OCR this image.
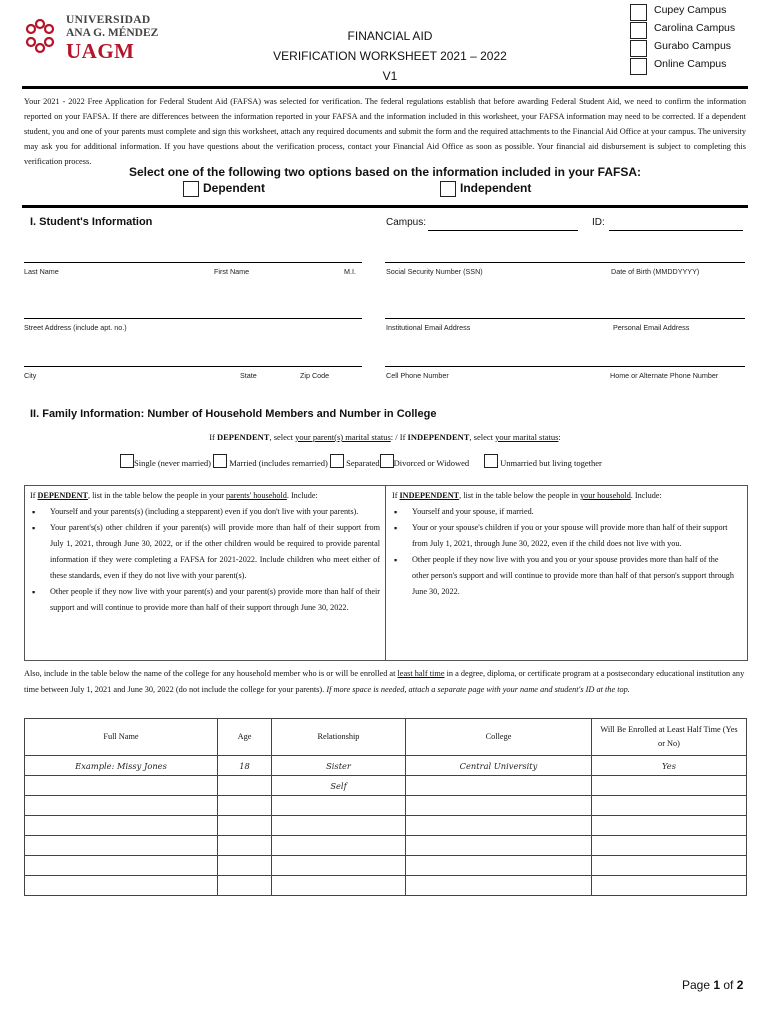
UNIVERSIDAD
ANA G. MÉNDEZ
UAGM
FINANCIAL AID
VERIFICATION WORKSHEET 2021 – 2022
V1
Cupey Campus
Carolina Campus
Gurabo Campus
Online Campus
Your 2021 - 2022 Free Application for Federal Student Aid (FAFSA) was selected for verification. The federal regulations establish that before awarding Federal Student Aid, we need to confirm the information reported on your FAFSA. If there are differences between the information reported in your FAFSA and the information included in this worksheet, your FAFSA information may need to be corrected. If a dependent student, you and one of your parents must complete and sign this worksheet, attach any required documents and submit the form and the required attachments to the Financial Aid Office at your campus. The university may ask you for additional information. If you have questions about the verification process, contact your Financial Aid Office as soon as possible. Your financial aid disbursement is subject to completing this verification process.
Select one of the following two options based on the information included in your FAFSA:
Dependent	Independent
I. Student's Information	Campus:	ID:
Last Name	First Name	M.I.	Social Security Number (SSN)	Date of Birth (MMDDYYYY)
Street Address (include apt. no.)	Institutional Email Address	Personal Email Address
City	State	Zip Code	Cell Phone Number	Home or Alternate Phone Number
II. Family Information: Number of Household Members and Number in College
If DEPENDENT, select your parent(s) marital status: / If INDEPENDENT, select your marital status:
Single (never married) Married (includes remarried) Separated Divorced or Widowed	Unmarried but living together
If DEPENDENT, list in the table below the people in your parents' household. Include:
▪ Yourself and your parents(s) (including a stepparent) even if you don't live with your parents).
▪ Your parent's(s) other children if your parent(s) will provide more than half of their support from July 1, 2021, through June 30, 2022, or if the other children would be required to provide parental information if they were completing a FAFSA for 2021-2022. Include children who meet either of these standards, even if they do not live with your parent(s).
▪ Other people if they now live with your parent(s) and your parent(s) provide more than half of their support and will continue to provide more than half of their support through June 30, 2022.
If INDEPENDENT, list in the table below the people in your household. Include:
▪ Yourself and your spouse, if married.
▪ Your or your spouse's children if you or your spouse will provide more than half of their support from July 1, 2021, through June 30, 2022, even if the child does not live with you.
▪ Other people if they now live with you and you or your spouse provides more than half of the other person's support and will continue to provide more than half of that person's support through June 30, 2022.
Also, include in the table below the name of the college for any household member who is or will be enrolled at least half time in a degree, diploma, or certificate program at a postsecondary educational institution any time between July 1, 2021 and June 30, 2022 (do not include the college for your parents). If more space is needed, attach a separate page with your name and student's ID at the top.
Full Name	Age	Relationship	College	Will Be Enrolled at Least Half Time (Yes or No)
Example: Missy Jones	18	Sister	Central University	Yes
		Self		

Page 1 of 2
